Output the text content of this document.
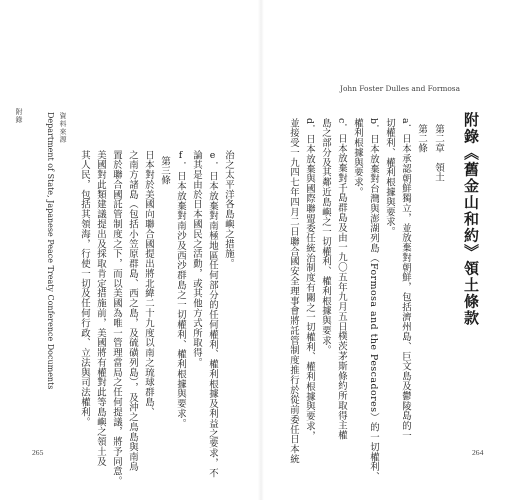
附錄
治之太平洋各島嶼之措施。
e．日本放棄對南極地區任何部分的任何權利、權利根據及利益之要求，不
論其是由於日本國民之活動，或其他方式所取得。
f．日本放棄對南沙及西沙群島之一切權利、權利根據與要求。
第三條
日本對於美國向聯合國提出將北緯二十九度以南之琉球群島、
之南方諸島（包括小笠原群島、西之島，及硫磺列島），及沖之鳥島與南鳥
置於聯合國託管制度之下，而以美國為唯一管理當局之任何提議，將予同意。
美國對此類建議提出及採取肯定措施前，美國將有權對此等島嶼之領土及
其人民，包括其領海，行使一切及任何行政、立法與司法權利。
資料來源
Department of State, Japanese Peace Treaty Conference Documents
265
John Foster Dulles and Formosa
附錄《舊金山和約》領土條款
第二章　領土
第二條
a．日本承認朝鮮獨立，並放棄對朝鮮，包括濟州島、巨文島及鬱陵島的一
切權利、權利根據與要求。
b．日本放棄對台灣與澎湖列島（Formosa and the Pescadores）的一切權利、
權利根據與要求。
c．日本放棄對千島群島及由一九〇五年九月五日樸茨茅斯條約所取得主權
島之部分及其鄰近島嶼之一切權利、權利根據與要求。
d．日本放棄與國際聯盟委任統治制度有關之一切權利、權利根據與要求，
並接受一九四七年四月二日聯合國安全理事會將託管制度推行於從前委任日本統	264
